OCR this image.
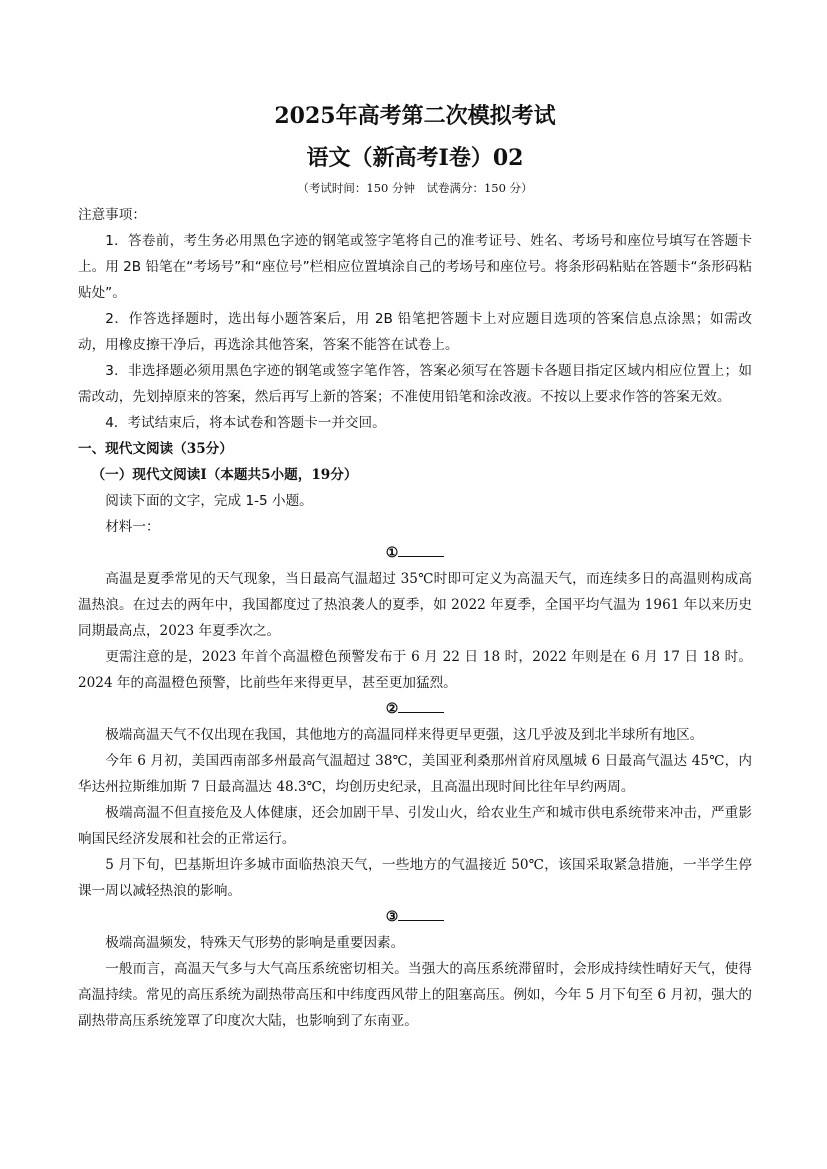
2025年高考第二次模拟考试
语文（新高考Ⅰ卷）02
（考试时间：150 分钟　试卷满分：150 分）

注意事项：

1．答卷前，考生务必用黑色字迹的钢笔或签字笔将自己的准考证号、姓名、考场号和座位号填写在答题卡上。用 2B 铅笔在“考场号”和“座位号”栏相应位置填涂自己的考场号和座位号。将条形码粘贴在答题卡“条形码粘贴处”。

2．作答选择题时，选出每小题答案后，用 2B 铅笔把答题卡上对应题目选项的答案信息点涂黑；如需改动，用橡皮擦干净后，再选涂其他答案，答案不能答在试卷上。

3．非选择题必须用黑色字迹的钢笔或签字笔作答，答案必须写在答题卡各题目指定区域内相应位置上；如需改动，先划掉原来的答案，然后再写上新的答案；不准使用铅笔和涂改液。不按以上要求作答的答案无效。

4．考试结束后，将本试卷和答题卡一并交回。

一、现代文阅读（35分）

（一）现代文阅读Ⅰ（本题共5小题，19分）

阅读下面的文字，完成 1-5 小题。

材料一：

①

高温是夏季常见的天气现象，当日最高气温超过 35℃时即可定义为高温天气，而连续多日的高温则构成高温热浪。在过去的两年中，我国都度过了热浪袭人的夏季，如 2022 年夏季，全国平均气温为 1961 年以来历史同期最高点，2023 年夏季次之。

更需注意的是，2023 年首个高温橙色预警发布于 6 月 22 日 18 时，2022 年则是在 6 月 17 日 18 时。2024 年的高温橙色预警，比前些年来得更早，甚至更加猛烈。

②

极端高温天气不仅出现在我国，其他地方的高温同样来得更早更强，这几乎波及到北半球所有地区。

今年 6 月初，美国西南部多州最高气温超过 38℃，美国亚利桑那州首府凤凰城 6 日最高气温达 45℃，内华达州拉斯维加斯 7 日最高温达 48.3℃，均创历史纪录，且高温出现时间比往年早约两周。

极端高温不但直接危及人体健康，还会加剧干旱、引发山火，给农业生产和城市供电系统带来冲击，严重影响国民经济发展和社会的正常运行。

5 月下旬，巴基斯坦许多城市面临热浪天气，一些地方的气温接近 50℃，该国采取紧急措施，一半学生停课一周以减轻热浪的影响。

③

极端高温频发，特殊天气形势的影响是重要因素。

一般而言，高温天气多与大气高压系统密切相关。当强大的高压系统滞留时，会形成持续性晴好天气，使得高温持续。常见的高压系统为副热带高压和中纬度西风带上的阻塞高压。例如，今年 5 月下旬至 6 月初，强大的副热带高压系统笼罩了印度次大陆，也影响到了东南亚。
